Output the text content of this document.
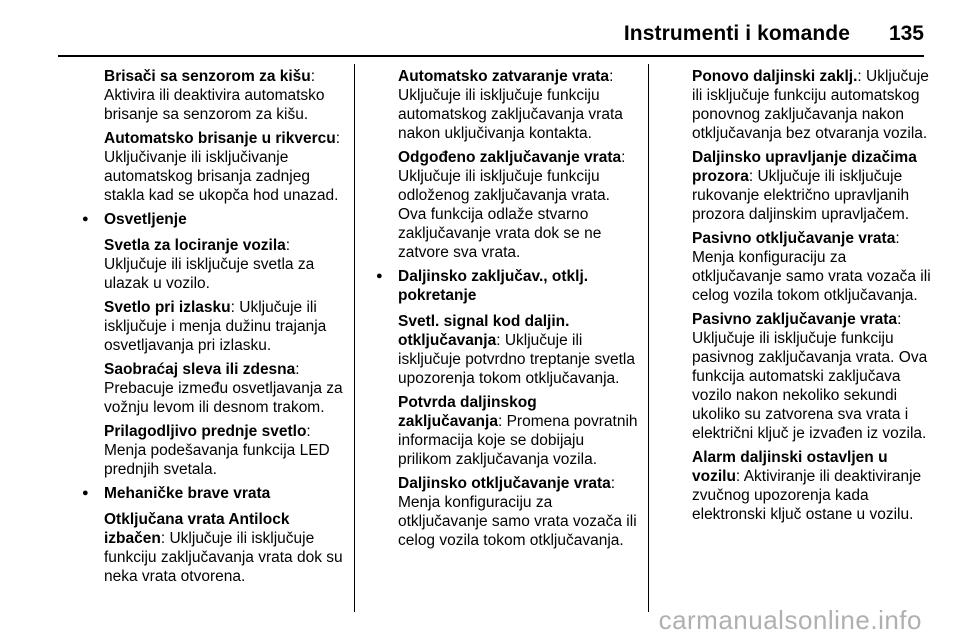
Instrumenti i komande 135
Brisači sa senzorom za kišu: Aktivira ili deaktivira automatsko brisanje sa senzorom za kišu.
Automatsko brisanje u rikvercu: Uključivanje ili isključivanje automatskog brisanja zadnjeg stakla kad se ukopča hod unazad.
● Osvetljenje
Svetla za lociranje vozila: Uključuje ili isključuje svetla za ulazak u vozilo.
Svetlo pri izlasku: Uključuje ili isključuje i menja dužinu trajanja osvetljavanja pri izlasku.
Saobraćaj sleva ili zdesna: Prebacuje između osvetljavanja za vožnju levom ili desnom trakom.
Prilagodljivo prednje svetlo: Menja podešavanja funkcija LED prednjih svetala.
● Mehaničke brave vrata
Otključana vrata Antilock izbačen: Uključuje ili isključuje funkciju zaključavanja vrata dok su neka vrata otvorena.
Automatsko zatvaranje vrata: Uključuje ili isključuje funkciju automatskog zaključavanja vrata nakon uključivanja kontakta.
Odgođeno zaključavanje vrata: Uključuje ili isključuje funkciju odloženog zaključavanja vrata. Ova funkcija odlaže stvarno zaključavanje vrata dok se ne zatvore sva vrata.
● Daljinsko zaključav., otklj. pokretanje
Svetl. signal kod daljin. otključavanja: Uključuje ili isključuje potvrdno treptanje svetla upozorenja tokom otključavanja.
Potvrda daljinskog zaključavanja: Promena povratnih informacija koje se dobijaju prilikom zaključavanja vozila.
Daljinsko otključavanje vrata: Menja konfiguraciju za otključavanje samo vrata vozača ili celog vozila tokom otključavanja.
Ponovo daljinski zaklj.: Uključuje ili isključuje funkciju automatskog ponovnog zaključavanja nakon otključavanja bez otvaranja vozila.
Daljinsko upravljanje dizačima prozora: Uključuje ili isključuje rukovanje električno upravljanih prozora daljinskim upravljačem.
Pasivno otključavanje vrata: Menja konfiguraciju za otključavanje samo vrata vozača ili celog vozila tokom otključavanja.
Pasivno zaključavanje vrata: Uključuje ili isključuje funkciju pasivnog zaključavanja vrata. Ova funkcija automatski zaključava vozilo nakon nekoliko sekundi ukoliko su zatvorena sva vrata i električni ključ je izvađen iz vozila.
Alarm daljinski ostavljen u vozilu: Aktiviranje ili deaktiviranje zvučnog upozorenja kada elektronski ključ ostane u vozilu.
carmanualsonline.info
